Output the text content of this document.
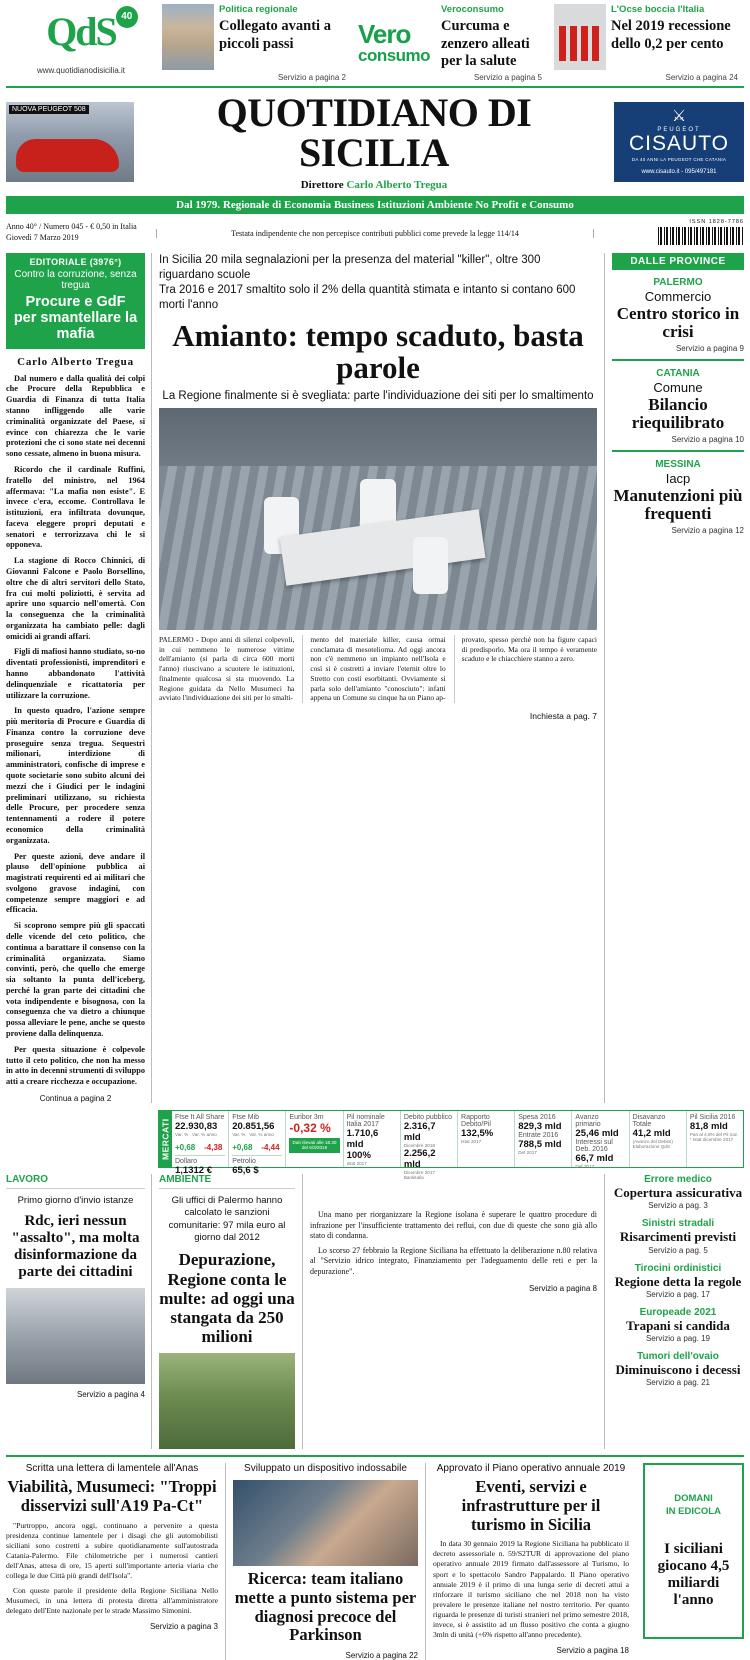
QdS 40
www.quotidianodisicilia.it
Politica regionale
Collegato avanti a piccoli passi
Servizio a pagina 2
Vero
consumo
Veroconsumo
Curcuma e zenzero alleati per la salute
Servizio a pagina 5
L'Ocse boccia l'Italia
Nel 2019 recessione dello 0,2 per cento
Servizio a pagina 24
NUOVA PEUGEOT 508	QUOTIDIANO DI SICILIA
Direttore Carlo Alberto Tregua
⚔
PEUGEOT
CISAUTO
DA 40 ANNI LA PEUGEOT CHE CATANIA
www.cisauto.it - 095/497181
Dal 1979. Regionale di Economia Business Istituzioni Ambiente No Profit e Consumo
Anno 40° / Numero 045 - € 0,50 in Italia
Giovedì 7 Marzo 2019	Testata indipendente che non percepisce contributi pubblici come prevede la legge 114/14
ISSN 1828-7786
EDITORIALE (3976°)
Contro la corruzione, senza tregua
Procure e GdF
per smantellare la mafia
Carlo Alberto Tregua

Dal numero e dalla qualità dei colpi che Procure della Repubblica e Guardia di Finanza di tutta Italia stanno infliggendo alle varie criminalità organizzate del Paese, si evince con chiarezza che le varie protezioni che ci sono state nei decenni sono cessate, almeno in buona misura.

Ricordo che il cardinale Ruffini, fratello del ministro, nel 1964 affermava: "La mafia non esiste". E invece c'era, eccome. Controllava le istituzioni, era infiltrata dovunque, faceva eleggere propri deputati e senatori e terrorizzava chi le si opponeva.

La stagione di Rocco Chinnici, di Giovanni Falcone e Paolo Borsellino, oltre che di altri servitori dello Stato, fra cui molti poliziotti, è servita ad aprire uno squarcio nell'omertà. Con la conseguenza che la criminalità organizzata ha cambiato pelle: dagli omicidi ai grandi affari.

Figli di mafiosi hanno studiato, so-no diventati professionisti, imprenditori e hanno abbandonato l'attività delinquenziale e ricattatoria per utilizzare la corruzione.

In questo quadro, l'azione sempre più meritoria di Procure e Guardia di Finanza contro la corruzione deve proseguire senza tregua. Sequestri milionari, interdizione di amministratori, confische di imprese e quote societarie sono subìto alcuni dei mezzi che i Giudici per le indagini preliminari utilizzano, su richiesta delle Procure, per procedere senza tentennamenti a rodere il potere economico della criminalità organizzata.

Per queste azioni, deve andare il plauso dell'opinione pubblica ai magistrati requirenti ed ai militari che svolgono gravose indagini, con competenze sempre maggiori e ad efficacia.

Si scoprono sempre più gli spaccati delle vicende del ceto politico, che continua a barattare il consenso con la criminalità organizzata. Siamo convinti, però, che quello che emerge sia soltanto la punta dell'iceberg, perché la gran parte dei cittadini che vota indipendente e bisognosa, con la conseguenza che va dietro a chiunque possa alleviare le pene, anche se questo proviene dalla delinquenza.

Per questa situazione è colpevole tutto il ceto politico, che non ha messo in atto in decenni strumenti di sviluppo atti a creare ricchezza e occupazione.

Continua a pagina 2
In Sicilia 20 mila segnalazioni per la presenza del material "killer", oltre 300 riguardano scuole
Tra 2016 e 2017 smaltito solo il 2% della quantità stimata e intanto si contano 600 morti l'anno
Amianto: tempo scaduto, basta parole
La Regione finalmente si è svegliata: parte l'individuazione dei siti per lo smaltimento
PALERMO - Dopo anni di silenzi colpevoli, in cui nemmeno le numerose vittime dell'amianto (si parla di circa 600 morti l'anno) riuscivano a scuotere le istituzioni, finalmente qualcosa si sta muovendo. La Regione guidata da Nello Musumeci ha avviato l'individuazione dei siti per lo smalti-
mento del materiale killer, causa ormai conclamata di mesotelioma. Ad oggi ancora non c'è nemmeno un impianto nell'Isola e così si è costretti a inviare l'eternit oltre lo Stretto con costi esorbitanti. Ovviamente si parla solo dell'amianto "conosciuto": infatti appena un Comune su cinque ha un Piano ap-
provato, spesso perché non ha figure capaci di predisporlo. Ma ora il tempo è veramente scaduto e le chiacchiere stanno a zero.
Inchiesta a pag. 7
DALLE PROVINCE
PALERMO
Commercio
Centro storico in crisi
Servizio a pagina 9
CATANIA
Comune
Bilancio riequilibrato
Servizio a pagina 10
MESSINA
Iacp
Manutenzioni più frequenti
Servizio a pagina 12
MERCATI
Ftse It All Share
22.930,83
Var. % Var. % anno
+0,68 -4,38
Dollaro
1,1312 €
Ftse Mib
20.851,56
Var. % Var. % anno
+0,68 -4,44
Petrolio
65,6 $
Euribor 3m
-0,32 %
Dati rilevati alle 18.30 del 6/3/2019
Pil nominale Italia 2017
1.710,6 mld
100%
Istat 2017
Debito pubblico
2.316,7 mld
Dicembre 2018
2.256,2 mld
Dicembre 2017
Bankitalia
Rapporto Debito/Pil
132,5%
Istat 2017
Spesa 2016
829,3 mld
Entrate 2016
788,5 mld
Def 2017
Avanzo primario
25,46 mld
Interessi sul Deb. 2016
66,7 mld
Def 2017
Disavanzo Totale
41,2 mld
(Avanzo del Debito)
Elaborazione QdS
Pil Sicilia 2016
81,8 mld
Pari al 4,8% del Pil naz.
* Istat dicembre 2017
LAVORO
Primo giorno d'invio istanze
Rdc, ieri nessun "assalto", ma molta disinformazione da parte dei cittadini
Servizio a pagina 4
AMBIENTE
Gli uffici di Palermo hanno calcolato le sanzioni comunitarie: 97 mila euro al giorno dal 2012
Depurazione, Regione conta le multe: ad oggi una stangata da 250 milioni

Una mano per riorganizzare la Regione isolana è superare le quattro procedure di infrazione per l'insufficiente trattamento dei reflui, con due di queste che sono già allo stato di condanna.

Lo scorso 27 febbraio la Regione Siciliana ha effettuato la deliberazione n.80 relativa al "Servizio idrico integrato, Finanziamento per l'adeguamento delle reti e per la depurazione".

Servizio a pagina 8
Errore medico
Copertura assicurativa
Servizio a pag. 3
Sinistri stradali
Risarcimenti previsti
Servizio a pag. 5
Tirocini ordinistici
Regione detta la regole
Servizio a pag. 17
Europeade 2021
Trapani si candida
Servizio a pag. 19
Tumori dell'ovaio
Diminuiscono i decessi
Servizio a pag. 21
Scritta una lettera di lamentele all'Anas
Viabilità, Musumeci: "Troppi disservizi sull'A19 Pa-Ct"

"Purtroppo, ancora oggi, continuano a pervenire a questa presidenza continue lamentele per i disagi che gli automobilisti siciliani sono costretti a subire quotidianamente sull'autostrada Catania-Palermo. File chilometriche per i numerosi cantieri dell'Anas, attesa di ore, 15 aperti sull'importante arteria viaria che collega le due Città più grandi dell'Isola".

Con queste parole il presidente della Regione Siciliana Nello Musumeci, in una lettera di protesta diretta all'amministratore delegato dell'Ente nazionale per le strade Massimo Simonini.

Servizio a pagina 3
Sviluppato un dispositivo indossabile
Ricerca: team italiano mette a punto sistema per diagnosi precoce del Parkinson
Servizio a pagina 22
Approvato il Piano operativo annuale 2019
Eventi, servizi e infrastrutture per il turismo in Sicilia

In data 30 gennaio 2019 la Regione Siciliana ha pubblicato il decreto assessoriale n. 59/S2TUR di approvazione del piano operativo annuale 2019 firmato dall'assessore al Turismo, lo sport e lo spettacolo Sandro Pappalardo. Il Piano operativo annuale 2019 è il primo di una lunga serie di decreti attui a rinforzare il turismo siciliano che nel 2018 non ha visto prevalere le presenze italiane nel nostro territorio. Per quanto riguarda le presenze di turisti stranieri nel primo semestre 2018, invece, si è assistito ad un flusso positivo che conta a giugno 3mln di unità (+6% rispetto all'anno precedente).

Servizio a pagina 18
DOMANI
IN EDICOLA
I siciliani giocano 4,5 miliardi l'anno
